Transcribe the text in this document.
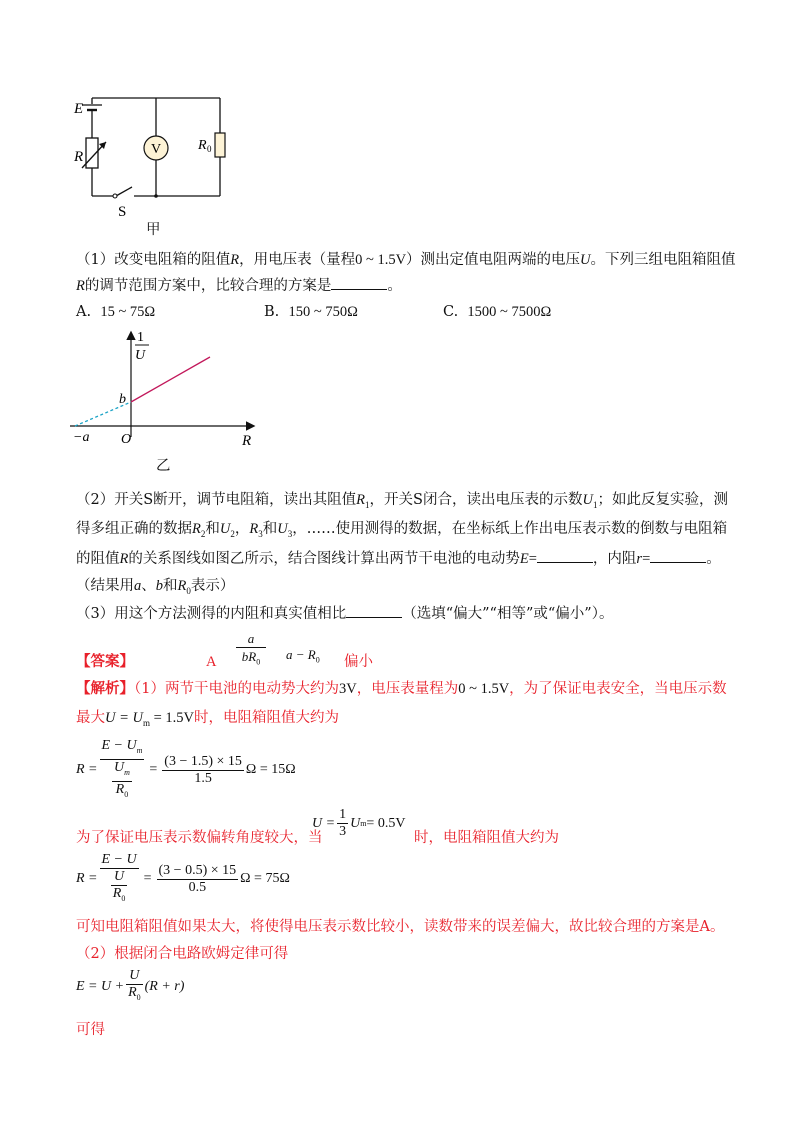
V
E
R
R 0
S
甲
（1）改变电阻箱的阻值R，用电压表（量程0 ~ 1.5V）测出定值电阻两端的电压U。下列三组电阻箱阻值
R的调节范围方案中，比较合理的方案是	。
A. 15 ~ 75Ω	B. 150 ~ 750Ω	C. 1500 ~ 7500Ω
1
U
b
−a O	R
乙
（2）开关S断开，调节电阻箱，读出其阻值$R_1$，开关S闭合，读出电压表的示数$U_1$；如此反复实验，测
得多组正确的数据$R_2$和$U_2$，$R_3$和$U_3$，……使用测得的数据，在坐标纸上作出电压表示数的倒数与电阻箱
的阻值R的关系图线如图乙所示，结合图线计算出两节干电池的电动势E=	，内阻r=	。
（结果用a、b和$R_0$表示）
（3）用这个方法测得的内阻和真实值相比	（选填“偏大”“相等”或“偏小”）。
【答案】	A
a
$bR_0$
$a - R_0$ 偏小
【解析】（1）两节干电池的电动势大约为3V，电压表量程为0 ~ 1.5V，为了保证电表安全，当电压示数
最大$U = U_m = 1.5V$时，电阻箱阻值大约为
$R = \frac{E - U_m}{\frac{U_m}{R_0}} = \frac{(3 - 1.5) \times 15}{1.5}$ Ω = 15Ω
为了保证电压表示数偏转角度较大，当
$U = \frac{1}{3}$ U m = 0.5V
时，电阻箱阻值大约为
$R = \frac{E - U}{\frac{U}{R_0}} = \frac{(3 - 0.5) \times 15}{0.5}$ Ω = 75Ω
可知电阻箱阻值如果太大，将使得电压表示数比较小，读数带来的误差偏大，故比较合理的方案是A。
（2）根据闭合电路欧姆定律可得
$E = U + \frac{U}{R_0} (R + r)$
可得
